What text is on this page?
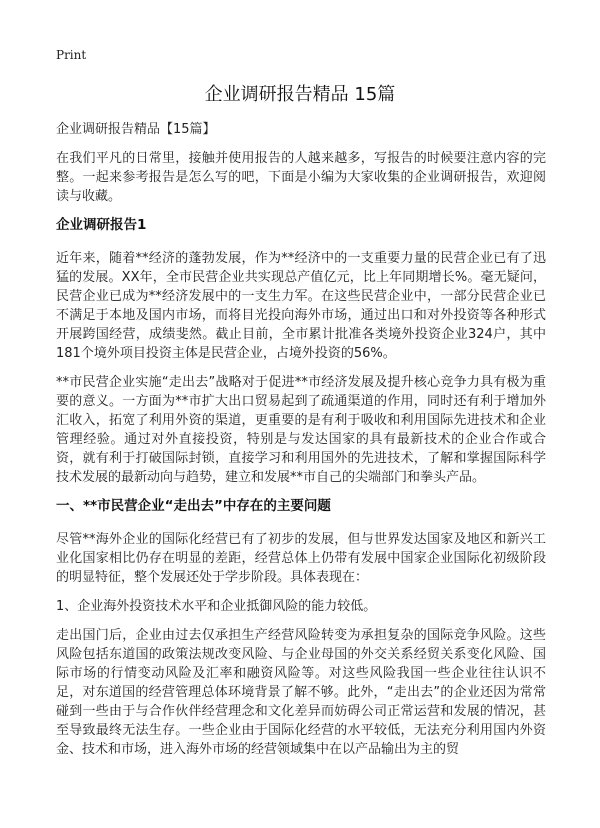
Print
企业调研报告精品 15篇

企业调研报告精品【15篇】

在我们平凡的日常里，接触并使用报告的人越来越多，写报告的时候要注意内容的完整。一起来参考报告是怎么写的吧，下面是小编为大家收集的企业调研报告，欢迎阅读与收藏。

企业调研报告1

近年来，随着**经济的蓬勃发展，作为**经济中的一支重要力量的民营企业已有了迅猛的发展。XX年，全市民营企业共实现总产值亿元，比上年同期增长%。毫无疑问，民营企业已成为**经济发展中的一支生力军。在这些民营企业中，一部分民营企业已不满足于本地及国内市场，而将目光投向海外市场，通过出口和对外投资等各种形式开展跨国经营，成绩斐然。截止目前，全市累计批准各类境外投资企业324户，其中181个境外项目投资主体是民营企业，占境外投资的56%。

**市民营企业实施“走出去”战略对于促进**市经济发展及提升核心竞争力具有极为重要的意义。一方面为**市扩大出口贸易起到了疏通渠道的作用，同时还有利于增加外汇收入，拓宽了利用外资的渠道，更重要的是有利于吸收和利用国际先进技术和企业管理经验。通过对外直接投资，特别是与发达国家的具有最新技术的企业合作或合资，就有利于打破国际封锁，直接学习和利用国外的先进技术，了解和掌握国际科学技术发展的最新动向与趋势，建立和发展**市自己的尖端部门和拳头产品。

一、**市民营企业“走出去”中存在的主要问题

尽管**海外企业的国际化经营已有了初步的发展，但与世界发达国家及地区和新兴工业化国家相比仍存在明显的差距，经营总体上仍带有发展中国家企业国际化初级阶段的明显特征，整个发展还处于学步阶段。具体表现在：

1、企业海外投资技术水平和企业抵御风险的能力较低。

走出国门后，企业由过去仅承担生产经营风险转变为承担复杂的国际竞争风险。这些风险包括东道国的政策法规改变风险、与企业母国的外交关系经贸关系变化风险、国际市场的行情变动风险及汇率和融资风险等。对这些风险我国一些企业往往认识不足，对东道国的经营管理总体环境背景了解不够。此外，“走出去”的企业还因为常常碰到一些由于与合作伙伴经营理念和文化差异而妨碍公司正常运营和发展的情况，甚至导致最终无法生存。一些企业由于国际化经营的水平较低，无法充分利用国内外资金、技术和市场，进入海外市场的经营领域集中在以产品输出为主的贸
